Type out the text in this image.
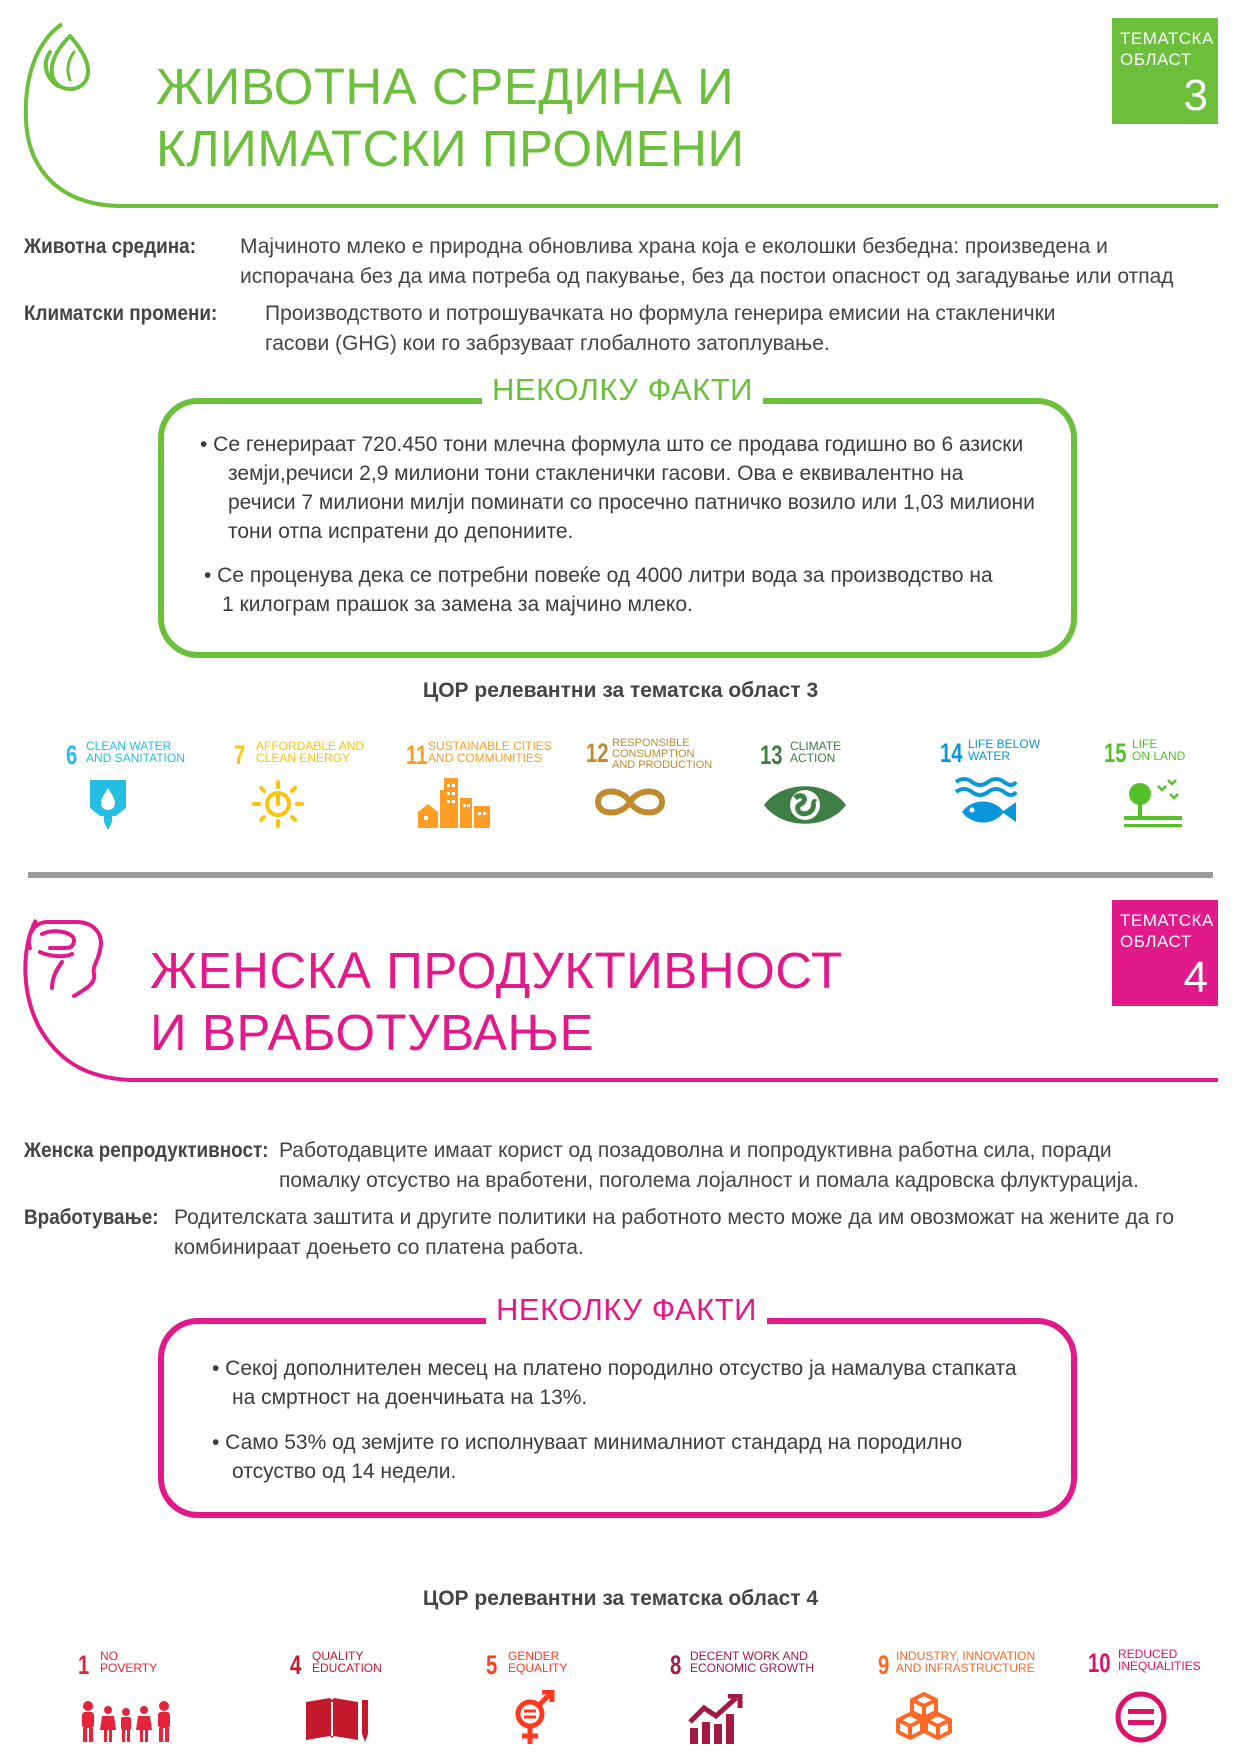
ЖИВОТНА СРЕДИНА И
КЛИМАТСКИ ПРОМЕНИ
ТЕМАТСКА
ОБЛАСТ
3
Животна средина: Мајчиното млеко е природна обновлива храна која е еколошки безбедна: произведена и
испорачана без да има потреба од пакување, без да постои опасност од загадување или отпад
Климатски промени: Производството и потрошувачката но формула генерира емисии на стакленички
гасови (GHG) кои го забрзуваат глобалното затоплување.
НЕКОЛКУ ФАКТИ
• Се генерираат 720.450 тони млечна формула што се продава годишно во 6 азиски
земји,речиси 2,9 милиони тони стакленички гасови. Ова е еквивалентно на
речиси 7 милиони милји поминати со просечно патничко возило или 1,03 милиони
тони отпа испратени до депониите.
• Се проценува дека се потребни повеќе од 4000 литри вода за производство на
1 килограм прашок за замена за мајчино млеко.
ЦОР релевантни за тематска област 3
6 CLEAN WATER
AND SANITATION 7 AFFORDABLE AND
CLEAN ENERGY	11 SUSTAINABLE CITIES
AND COMMUNITIES	12 RESPONSIBLE
CONSUMPTION
AND PRODUCTION 13 CLIMATE
ACTION	14 LIFE BELOW
WATER	15 LIFE
ON LAND
ЖЕНСКА ПРОДУКТИВНОСТ
И ВРАБОТУВАЊЕ
ТЕМАТСКА
ОБЛАСТ
4
Женска репродуктивност: Работодавците имаат корист од позадоволна и попродуктивна работна сила, поради
помалку отсуство на вработени, поголема лојалност и помала кадровска флуктурација.
Вработување: Родителската заштита и другите политики на работното место може да им овозможат на жените да го
комбинираат доењето со платена работа.
НЕКОЛКУ ФАКТИ
• Секој дополнителен месец на платено породилно отсуство ја намалува стапката
на смртност на доенчињата на 13%.
• Само 53% од земјите го исполнуваат минималниот стандард на породилно
отсуство од 14 недели.
ЦОР релевантни за тематска област 4
1 NO
POVERTY	4 QUALITY
EDUCATION	5 GENDER
EQUALITY	8 DECENT WORK AND
ECONOMIC GROWTH 9 INDUSTRY, INNOVATION
AND INFRASTRUCTURE 10 REDUCED
INEQUALITIES
